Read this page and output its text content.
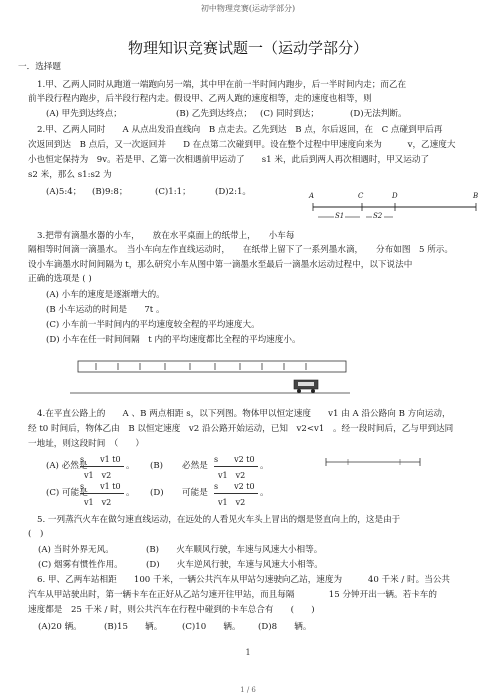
初中物理竞赛(运动学部分)
物理知识竞赛试题一（运动学部分）
一．选择题
1.甲、乙两人同时从跑道一端跑向另一端，其中甲在前一半时间内跑步，后一半时间内走；而乙在
前半段行程内跑步，后半段行程内走。假设甲、乙两人跑的速度相等，走的速度也相等，则
(A) 甲先到达终点；	(B) 乙先到达终点； (C) 同时到达；	(D)无法判断。
2.甲、乙两人同时　　A 从点出发沿直线向　B 点走去。乙先到达　B 点，尔后返回，在　C 点碰到甲后再
次返回到达　B 点后，又一次返回并　　D 在点第二次碰到甲。设在整个过程中甲速度向来为　　　v，乙速度大
小也恒定保持为　9v。若是甲、乙第一次相遇前甲运动了　　s1 米，此后到两人再次相遇时，甲又运动了
s2 米，那么 s1:s2 为
(A)5:4； (B)9:8；	(C)1:1；	(D)2:1。	A	C	D	B
S1	S2
3.把带有滴墨水器的小车，　　放在水平桌面上的纸带上，　　小车每
隔相等时间滴一滴墨水。　当小车向左作直线运动时，　　在纸带上留下了一系列墨水滴，　　分布如图　5 所示。
设小车滴墨水时间间隔为 t，那么研究小车从图中第一滴墨水至最后一滴墨水运动过程中，以下说法中
正确的选项是 ( )
(A) 小车的速度是逐渐增大的。
(B 小车运动的时间是　　7t 。
(C) 小车前一半时间内的平均速度较全程的平均速度大。
(D) 小车在任一时间间隔　t 内的平均速度都比全程的平均速度小。
4.在平直公路上的　　A 、B 两点相距 s，以下列图。物体甲以恒定速度　　v1 由 A 沿公路向 B 方向运动，
经 t0 时间后，物体乙由　B 以恒定速度　v2 沿公路开始运动，已知　v2<v1　。经一段时间后，乙与甲到达同
一地址，则这段时间　（　　）
(A) 必然是
s　　v1 t0
v1　v2
。 (B) 必然是
s　　v2 t0
v1　v2
。
(C) 可能是
s　　v1 t0
v1　v2
。 (D) 可能是
s　　v2 t0
v1　v2
。
5. 一列蒸汽火车在做匀速直线运动，在远处的人看见火车头上冒出的烟是竖直向上的，这是由于
(　)
(A) 当时外界无风。	(B)　　火车顺风行驶，车速与风速大小相等。
(C) 烟雾有惯性作用。	(D)　　火车逆风行驶，车速与风速大小相等。
6. 甲、乙两车站相距　　100 千米，一辆公共汽车从甲站匀速驶向乙站，速度为　　　40 千米 / 时。当公共
汽车从甲站驶出时，第一辆卡车在正好从乙站匀速开往甲站，而且每隔　　　　15 分钟开出一辆。若卡车的
速度都是　25 千米 / 时，则公共汽车在行程中碰到的卡车总合有　　(　　)
(A)20 辆。	(B)15　　辆。 (C)10　　辆。 (D)8　　辆。
1
1 / 6
